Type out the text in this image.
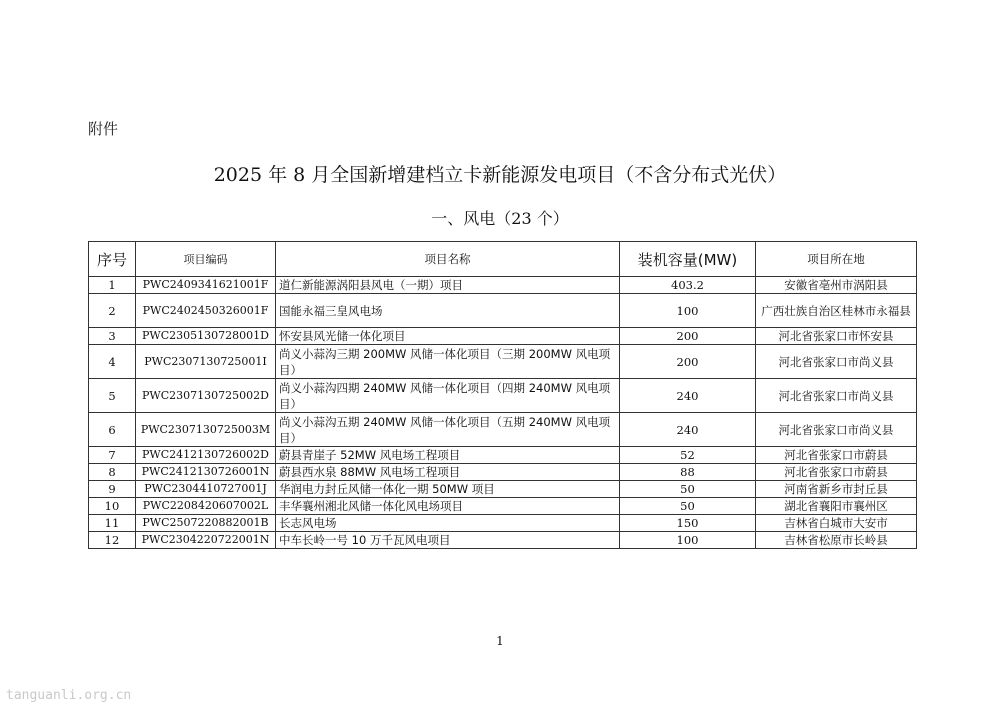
附件
2025 年 8 月全国新增建档立卡新能源发电项目（不含分布式光伏）
一、风电（23 个）
序号	项目编码	项目名称	装机容量(MW)	项目所在地
1	PWC2409341621001F	道仁新能源涡阳县风电（一期）项目	403.2	安徽省亳州市涡阳县
2	PWC2402450326001F	国能永福三皇风电场	100	广西壮族自治区桂林市永福县
3	PWC2305130728001D	怀安县风光储一体化项目	200	河北省张家口市怀安县
4	PWC2307130725001I	尚义小蒜沟三期 200MW 风储一体化项目（三期 200MW 风电项目）	200	河北省张家口市尚义县
5	PWC2307130725002D	尚义小蒜沟四期 240MW 风储一体化项目（四期 240MW 风电项目）	240	河北省张家口市尚义县
6	PWC2307130725003M	尚义小蒜沟五期 240MW 风储一体化项目（五期 240MW 风电项目）	240	河北省张家口市尚义县
7	PWC2412130726002D	蔚县青崖子 52MW 风电场工程项目	52	河北省张家口市蔚县
8	PWC2412130726001N	蔚县西水泉 88MW 风电场工程项目	88	河北省张家口市蔚县
9	PWC2304410727001J	华润电力封丘风储一体化一期 50MW 项目	50	河南省新乡市封丘县
10	PWC2208420607002L	丰华襄州湘北风储一体化风电场项目	50	湖北省襄阳市襄州区
11	PWC2507220882001B	长志风电场	150	吉林省白城市大安市
12	PWC2304220722001N	中车长岭一号 10 万千瓦风电项目	100	吉林省松原市长岭县
1
tanguanli.org.cn
